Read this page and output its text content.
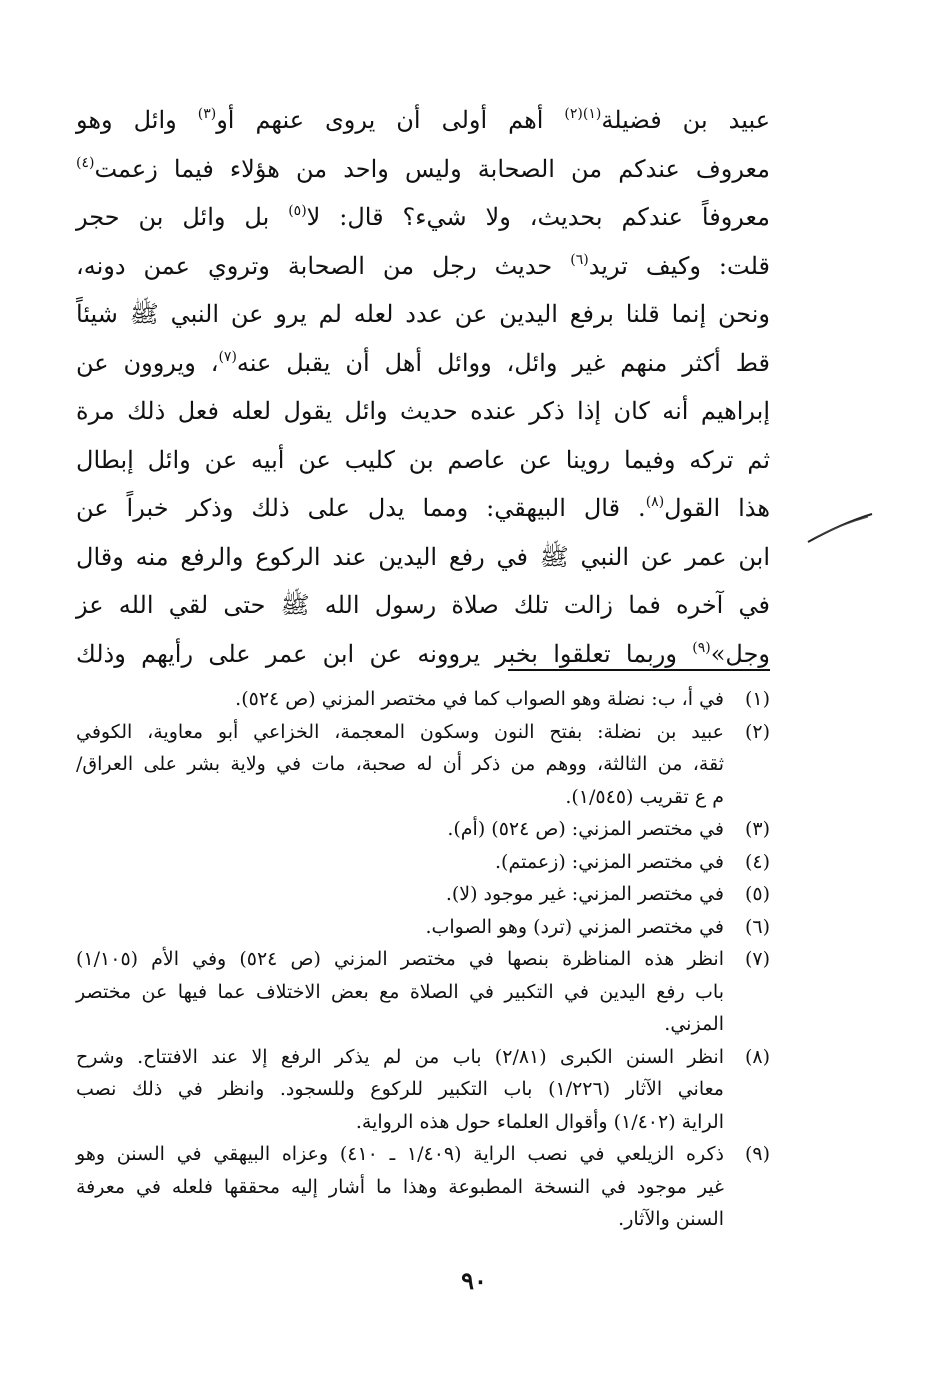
عبيد بن فضيلة$^{(١)(٢)}$ أهم أولى أن يروى عنهم أو$^{(٣)}$ وائل وهو
معروف عندكم من الصحابة وليس واحد من هؤلاء فيما زعمت$^{(٤)}$
معروفاً عندكم بحديث، ولا شيء؟ قال: لا$^{(٥)}$ بل وائل بن حجر
قلت: وكيف تريد$^{(٦)}$ حديث رجل من الصحابة وتروي عمن دونه،
ونحن إنما قلنا برفع اليدين عن عدد لعله لم يرو عن النبي ﷺ شيئاً
قط أكثر منهم غير وائل، ووائل أهل أن يقبل عنه$^{(٧)}$، ويروون عن
إبراهيم أنه كان إذا ذكر عنده حديث وائل يقول لعله فعل ذلك مرة
ثم تركه وفيما روينا عن عاصم بن كليب عن أبيه عن وائل إبطال
هذا القول$^{(٨)}$. قال البيهقي: ومما يدل على ذلك وذكر خبراً عن
ابن عمر عن النبي ﷺ في رفع اليدين عند الركوع والرفع منه وقال
في آخره فما زالت تلك صلاة رسول الله ﷺ حتى لقي الله عز
وجل»$^{(٩)}$ وربما تعلقوا بخبر يروونه عن ابن عمر على رأيهم وذلك
(١)
في أ، ب: نضلة وهو الصواب كما في مختصر المزني (ص ٥٢٤).
(٢)
عبيد بن نضلة: بفتح النون وسكون المعجمة، الخزاعي أبو معاوية، الكوفي
ثقة، من الثالثة، ووهم من ذكر أن له صحبة، مات في ولاية بشر على العراق/
م ع تقريب (١/٥٤٥).
(٣)
في مختصر المزني: (ص ٥٢٤) (أم).
(٤)
في مختصر المزني: (زعمتم).
(٥)
في مختصر المزني: غير موجود (لا).
(٦)
في مختصر المزني (ترد) وهو الصواب.
(٧)
انظر هذه المناظرة بنصها في مختصر المزني (ص ٥٢٤) وفي الأم (١/١٠٥)
باب رفع اليدين في التكبير في الصلاة مع بعض الاختلاف عما فيها عن مختصر
المزني.
(٨)
انظر السنن الكبرى (٢/٨١) باب من لم يذكر الرفع إلا عند الافتتاح. وشرح
معاني الآثار (١/٢٢٦) باب التكبير للركوع وللسجود. وانظر في ذلك نصب
الراية (١/٤٠٢) وأقوال العلماء حول هذه الرواية.
(٩)
ذكره الزيلعي في نصب الراية (١/٤٠٩ ـ ٤١٠) وعزاه البيهقي في السنن وهو
غير موجود في النسخة المطبوعة وهذا ما أشار إليه محققها فلعله في معرفة
السنن والآثار.
٩٠
